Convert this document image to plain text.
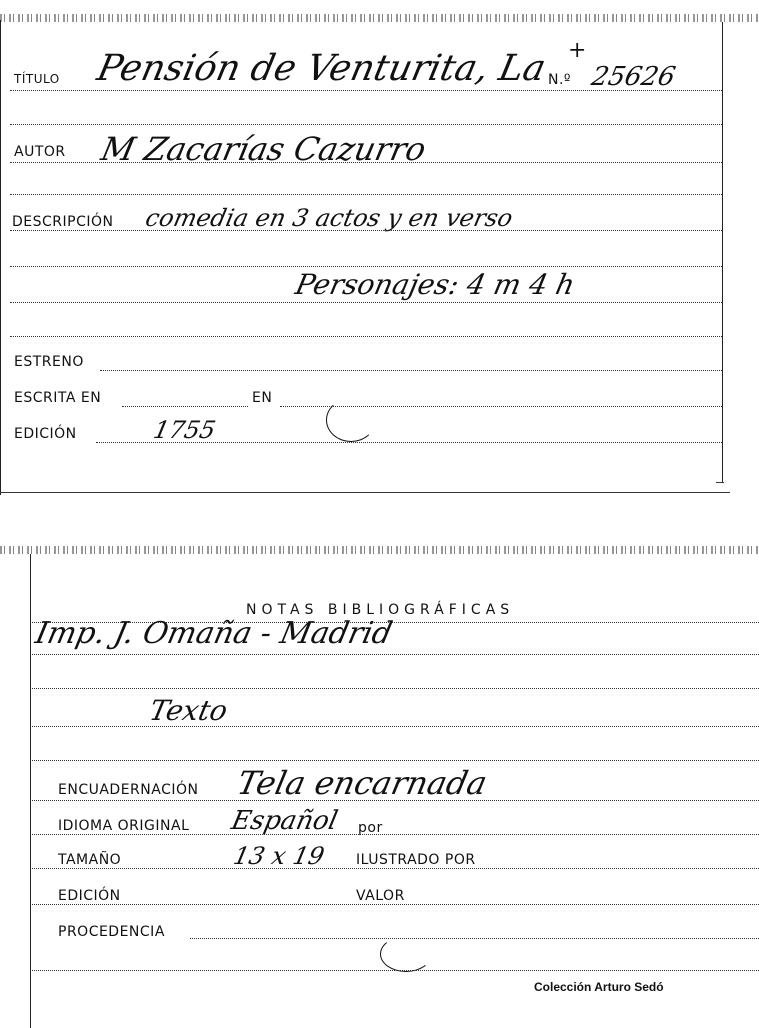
TÍTULO Pensión de Venturita, La
N.º 25626
+
AUTOR M Zacarías Cazurro
DESCRIPCIÓN comedia en 3 actos y en verso
Personajes: 4 m 4 h
ESTRENO
ESCRITA EN	EN
EDICIÓN	1755
NOTAS BIBLIOGRÁFICAS
Imp. J. Omaña - Madrid
Texto
ENCUADERNACIÓN Tela encarnada
IDIOMA ORIGINAL Español por
TAMAÑO	13 x 19 ILUSTRADO POR
EDICIÓN	VALOR
PROCEDENCIA
Colección Arturo Sedó
